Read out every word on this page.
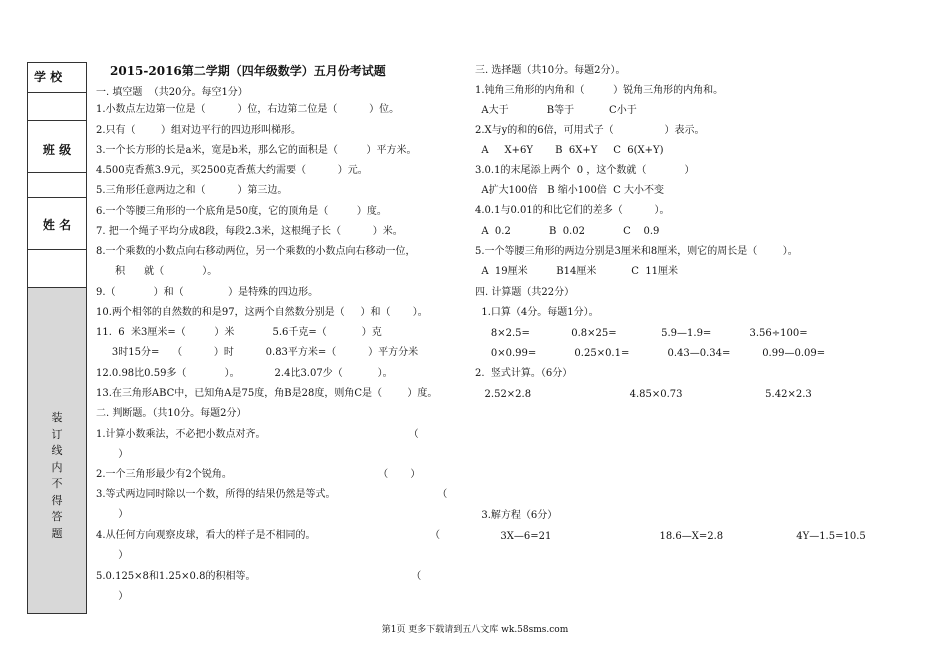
学 校
班 级
姓 名
装
订
线
内
不
得
答
题
2015-2016第二学期（四年级数学）五月份考试题
一. 填空题  （共20分。每空1分）
1.小数点左边第一位是（          ）位，右边第二位是（          ）位。
2.只有（        ）组对边平行的四边形叫梯形。
3.一个长方形的长是a米，宽是b米，那么它的面积是（         ）平方米。
4.500克香蕉3.9元，买2500克香蕉大约需要（          ）元。
5.三角形任意两边之和（          ）第三边。
6.一个等腰三角形的一个底角是50度，它的顶角是（         ）度。
7. 把一个绳子平均分成8段，每段2.3米，这根绳子长（          ）米。
8.一个乘数的小数点向右移动两位，另一个乘数的小数点向右移动一位，
积      就（            ）。
9.（            ）和（              ）是特殊的四边形。
10.两个相邻的自然数的和是97，这两个自然数分别是（     ）和（       ）。
11.  6  米3厘米=（         ）米            5.6千克=（           ）克
3时15分=    （          ）时          0.83平方米=（          ）平方分米
12.0.98比0.59多（            ）。           2.4比3.07少（           ）。
13.在三角形ABC中，已知角A是75度，角B是28度，则角C是（        ）度。
二. 判断题。（共10分。每题2分）
1.计算小数乘法，不必把小数点对齐。                                             （
）
2.一个三角形最少有2个锐角。                                              （       ）
3.等式两边同时除以一个数，所得的结果仍然是等式。                                （
）
4.从任何方向观察皮球，看大的样子是不相同的。                                    （
）
5.0.125×8和1.25×0.8的积相等。                                                 （
）
三. 选择题（共10分。每题2分）。
1.钝角三角形的内角和（         ）锐角三角形的内角和。
A大于            B等于           C小于
2.X与y的和的6倍，可用式子（                ）表示。
A     X+6Y       B  6X+Y     C  6(X+Y)
3.0.1的末尾添上两个  0 ，这个数就（            ）
A扩大100倍   B 缩小100倍  C 大小不变
4.0.1与0.01的和比它们的差多（          ）。
A  0.2            B  0.02            C    0.9
5.一个等腰三角形的两边分别是3厘米和8厘米，则它的周长是（        ）。
A  19厘米         B14厘米           C  11厘米
四. 计算题（共22分）
1.口算（4分。每题1分）。
8×2.5=             0.8×25=              5.9—1.9=            3.56÷100=
0×0.99=            0.25×0.1=            0.43—0.34=          0.99—0.09=
2.  竖式计算。（6分）
2.52×2.8                               4.85×0.73                          5.42×2.3
3.解方程（6分）
3X—6=21                                  18.6—X=2.8                       4Y—1.5=10.5
第1页 更多下载请到五八文库 wk.58sms.com
